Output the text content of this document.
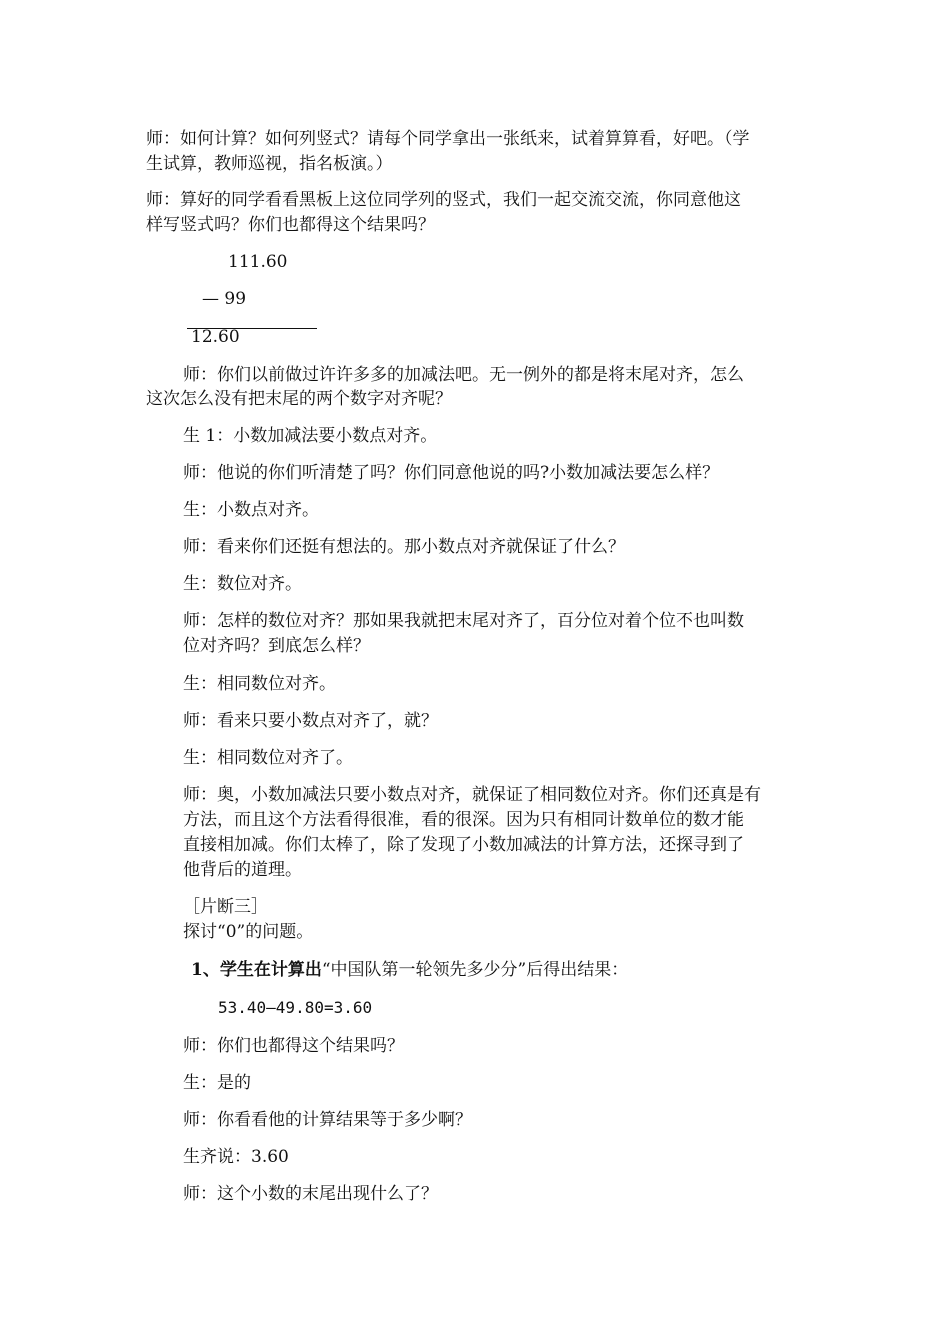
师：如何计算？如何列竖式？请每个同学拿出一张纸来，试着算算看，好吧。（学
生试算，教师巡视，指名板演。）
师：算好的同学看看黑板上这位同学列的竖式，我们一起交流交流，你同意他这
样写竖式吗？你们也都得这个结果吗？
111.60
— 99
12.60
师：你们以前做过许许多多的加减法吧。无一例外的都是将末尾对齐，怎么
这次怎么没有把末尾的两个数字对齐呢？
生 1：小数加减法要小数点对齐。
师：他说的你们听清楚了吗？你们同意他说的吗?小数加减法要怎么样？
生：小数点对齐。
师：看来你们还挺有想法的。那小数点对齐就保证了什么？
生：数位对齐。
师：怎样的数位对齐？那如果我就把末尾对齐了，百分位对着个位不也叫数
位对齐吗？到底怎么样？
生：相同数位对齐。
师：看来只要小数点对齐了，就？
生：相同数位对齐了。
师：奥，小数加减法只要小数点对齐，就保证了相同数位对齐。你们还真是有
方法，而且这个方法看得很准，看的很深。因为只有相同计数单位的数才能
直接相加减。你们太棒了，除了发现了小数加减法的计算方法，还探寻到了
他背后的道理。
［片断三］
探讨“0”的问题。
1、学生在计算出“中国队第一轮领先多少分”后得出结果：
53.40—49.80=3.60
师：你们也都得这个结果吗？
生：是的
师：你看看他的计算结果等于多少啊？
生齐说：3.60
师：这个小数的末尾出现什么了？
